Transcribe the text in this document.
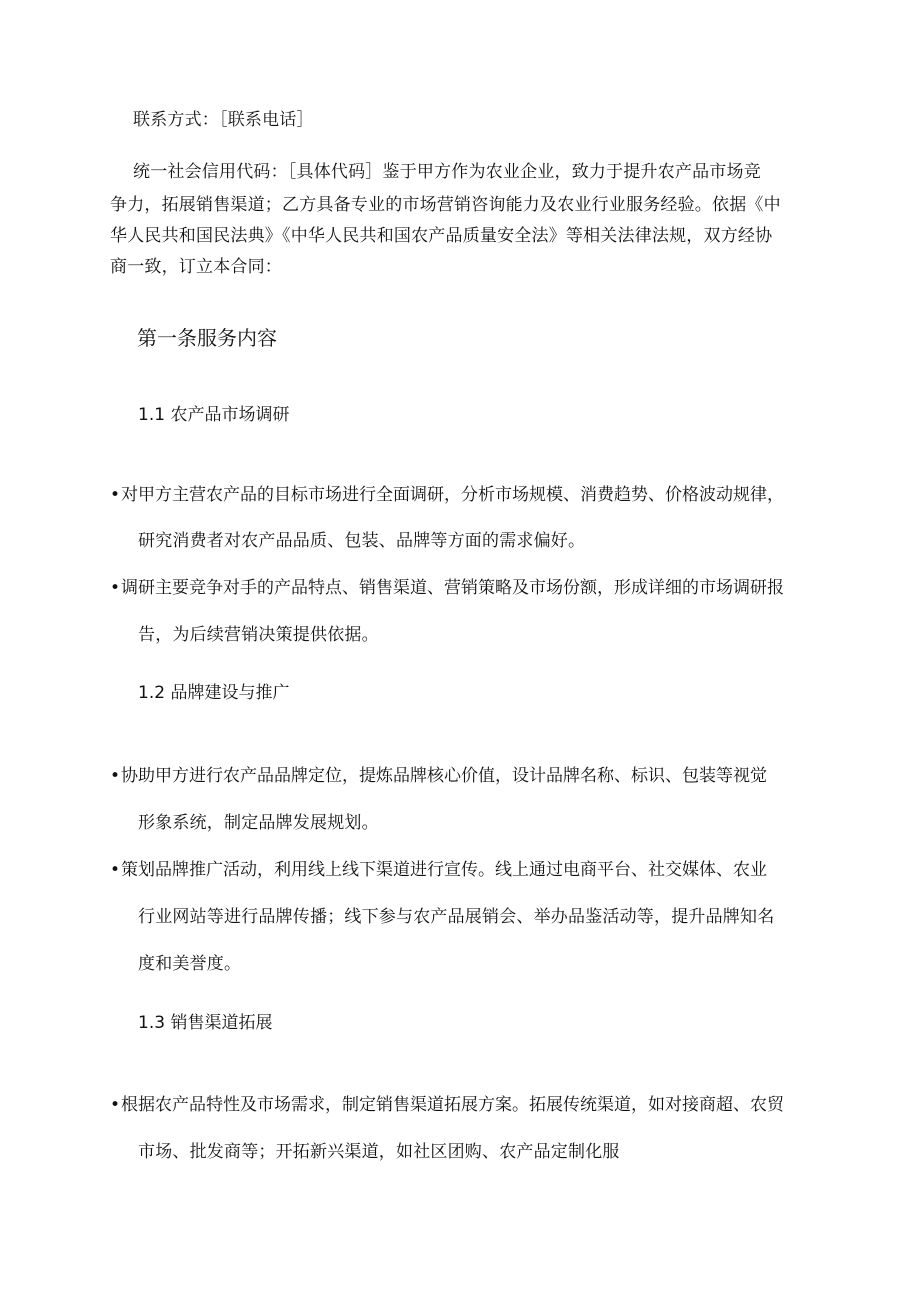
联系方式：［联系电话］
统一社会信用代码：［具体代码］鉴于甲方作为农业企业，致力于提升农产品市场竞
争力，拓展销售渠道；乙方具备专业的市场营销咨询能力及农业行业服务经验。依据《中
华人民共和国民法典》《中华人民共和国农产品质量安全法》等相关法律法规，双方经协
商一致，订立本合同：
第一条服务内容
1.1 农产品市场调研
•对甲方主营农产品的目标市场进行全面调研，分析市场规模、消费趋势、价格波动规律，
研究消费者对农产品品质、包装、品牌等方面的需求偏好。
•调研主要竞争对手的产品特点、销售渠道、营销策略及市场份额，形成详细的市场调研报
告，为后续营销决策提供依据。
1.2 品牌建设与推广
•协助甲方进行农产品品牌定位，提炼品牌核心价值，设计品牌名称、标识、包装等视觉
形象系统，制定品牌发展规划。
•策划品牌推广活动，利用线上线下渠道进行宣传。线上通过电商平台、社交媒体、农业
行业网站等进行品牌传播；线下参与农产品展销会、举办品鉴活动等，提升品牌知名
度和美誉度。
1.3 销售渠道拓展
•根据农产品特性及市场需求，制定销售渠道拓展方案。拓展传统渠道，如对接商超、农贸
市场、批发商等；开拓新兴渠道，如社区团购、农产品定制化服
